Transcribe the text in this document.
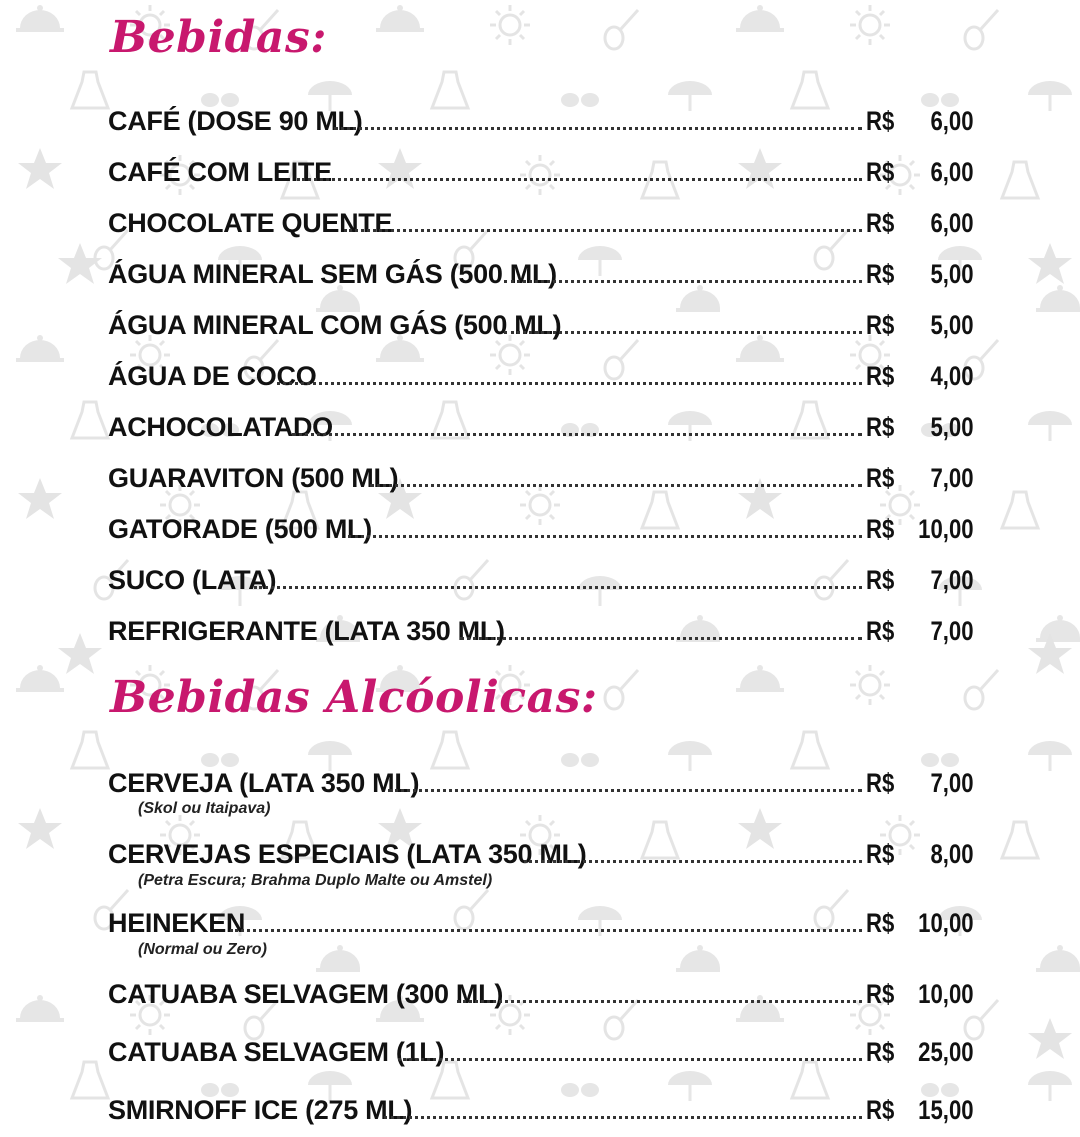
Bebidas:
CAFÉ (DOSE 90 ML)	R$ 6,00
CAFÉ COM LEITE	R$ 6,00
CHOCOLATE QUENTE	R$ 6,00
ÁGUA MINERAL SEM GÁS (500 ML)	R$ 5,00
ÁGUA MINERAL COM GÁS (500 ML)	R$ 5,00
ÁGUA DE COCO	R$ 4,00
ACHOCOLATADO	R$ 5,00
GUARAVITON (500 ML)	R$ 7,00
GATORADE (500 ML)	R$ 10,00
SUCO (LATA)	R$ 7,00
REFRIGERANTE (LATA 350 ML)	R$ 7,00
Bebidas Alcóolicas:
CERVEJA (LATA 350 ML)	R$ 7,00
(Skol ou Itaipava)
CERVEJAS ESPECIAIS (LATA 350 ML)	R$ 8,00
(Petra Escura; Brahma Duplo Malte ou Amstel)
HEINEKEN	R$ 10,00
(Normal ou Zero)
CATUABA SELVAGEM (300 ML)	R$ 10,00
CATUABA SELVAGEM (1L)	R$ 25,00
SMIRNOFF ICE (275 ML)	R$ 15,00
